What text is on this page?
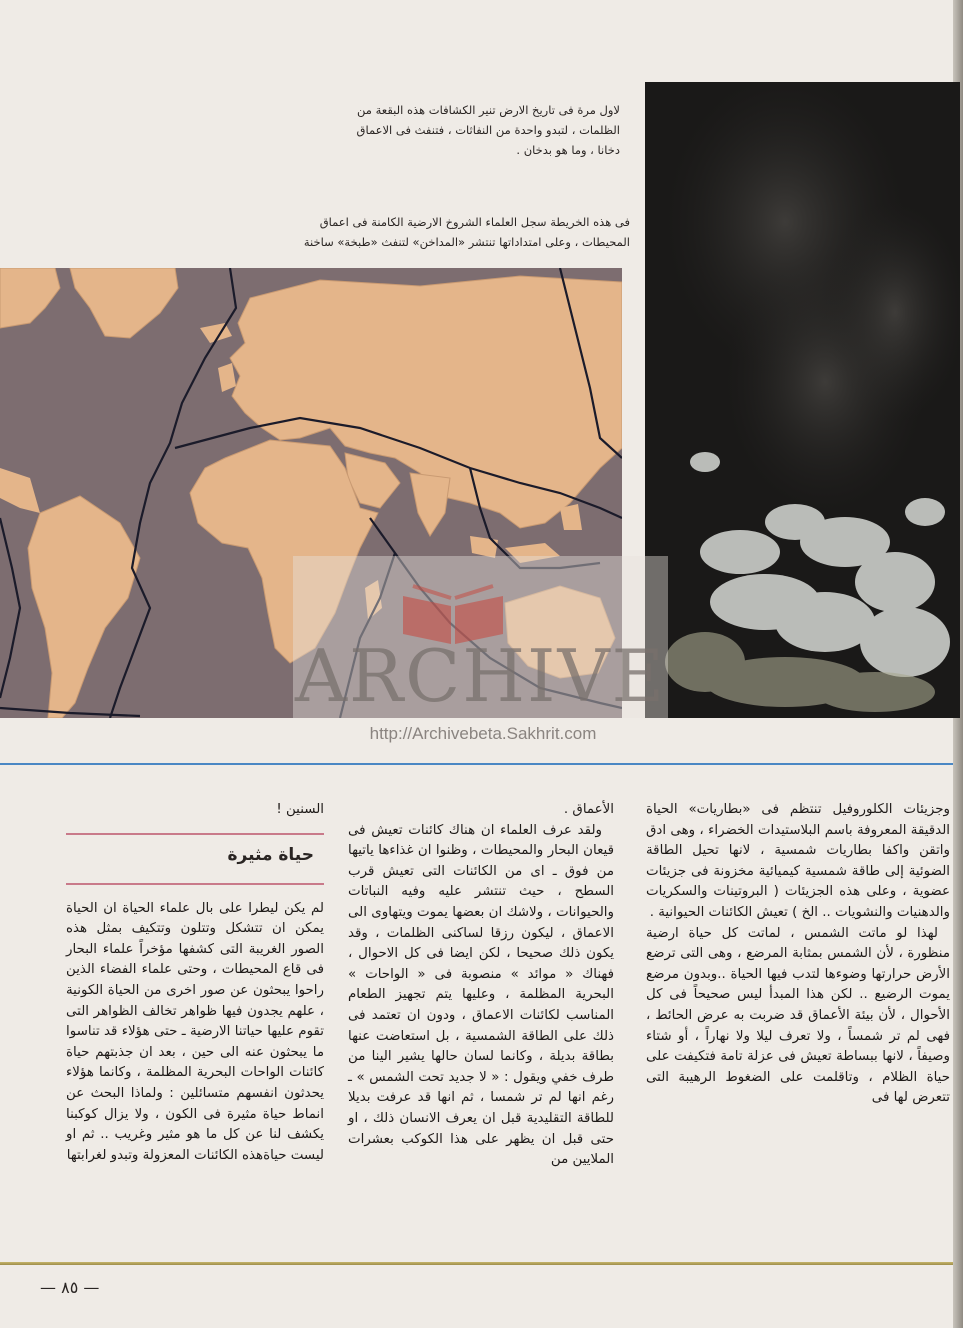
لاول مرة فى تاريخ الارض تنير الكشافات هذه البقعة من الظلمات ، لتبدو واحدة من النفاثات ، فتنفث فى الاعماق دخانا ، وما هو بدخان .
فى هذه الخريطة سجل العلماء الشروخ الارضية الكامنة فى اعماق المحيطات ، وعلى امتداداتها تنتشر «المداخن» لتنفث «طبخة» ساخنة
ARCHIVE
http://Archivebeta.Sakhrit.com

وجزيئات الكلوروفيل تنتظم فى «بطاريات» الحياة الدقيقة المعروفة باسم البلاستيدات الخضراء ، وهى ادق واتقن واكفا بطاريات شمسية ، لانها تحيل الطاقة الضوئية إلى طاقة شمسية كيميائية مخزونة فى جزيئات عضوية ، وعلى هذه الجزيئات ( البروتينات والسكريات والدهنيات والنشويات .. الخ ) تعيش الكائنات الحيوانية .

لهذا لو ماتت الشمس ، لماتت كل حياة ارضية منظورة ، لأن الشمس بمثابة المرضع ، وهى التى ترضع الأرض حرارتها وضوءها لتدب فيها الحياة ..وبدون مرضع يموت الرضيع .. لكن هذا المبدأ ليس صحيحاً فى كل الأحوال ، لأن بيئة الأعماق قد ضربت به عرض الحائط ، فهى لم تر شمساً ، ولا تعرف ليلا ولا نهاراً ، أو شتاء وصيفاً ، لانها ببساطة تعيش فى عزلة تامة فتكيفت على حياة الظلام ، وتاقلمت على الضغوط الرهيبة التى تتعرض لها فى

الأعماق .

ولقد عرف العلماء ان هناك كائنات تعيش فى قيعان البحار والمحيطات ، وظنوا ان غذاءها ياتيها من فوق ـ اى من الكائنات التى تعيش قرب السطح ، حيث تنتشر عليه وفيه النباتات والحيوانات ، ولاشك ان بعضها يموت ويتهاوى الى الاعماق ، ليكون رزقا لساكنى الظلمات ، وقد يكون ذلك صحيحا ، لكن ايضا فى كل الاحوال ، فهناك « موائد » منصوبة فى « الواحات » البحرية المظلمة ، وعليها يتم تجهيز الطعام المناسب لكائنات الاعماق ، ودون ان تعتمد فى ذلك على الطاقة الشمسية ، بل استعاضت عنها بطاقة بديلة ، وكانما لسان حالها يشير الينا من طرف خفي ويقول : « لا جديد تحت الشمس » ـ رغم انها لم تر شمسا ، ثم انها قد عرفت بديلا للطاقة التقليدية قبل ان يعرف الانسان ذلك ، او حتى قبل ان يظهر على هذا الكوكب بعشرات الملايين من

السنين !

حياة مثيرة

لم يكن ليطرا على بال علماء الحياة ان الحياة يمكن ان تتشكل وتتلون وتتكيف بمثل هذه الصور الغريبة التى كشفها مؤخراً علماء البحار فى قاع المحيطات ، وحتى علماء الفضاء الذين راحوا يبحثون عن صور اخرى من الحياة الكونية ، علهم يجدون فيها ظواهر تخالف الظواهر التى تقوم عليها حياتنا الارضية ـ حتى هؤلاء قد تناسوا ما يبحثون عنه الى حين ، بعد ان جذبتهم حياة كائنات الواحات البحرية المظلمة ، وكانما هؤلاء يحدثون انفسهم متسائلين : ولماذا البحث عن انماط حياة مثيرة فى الكون ، ولا يزال كوكبنا يكشف لنا عن كل ما هو مثير وغريب .. ثم او ليست حياةهذه الكائنات المعزولة وتبدو لغرابتها

— ٨٥ —
